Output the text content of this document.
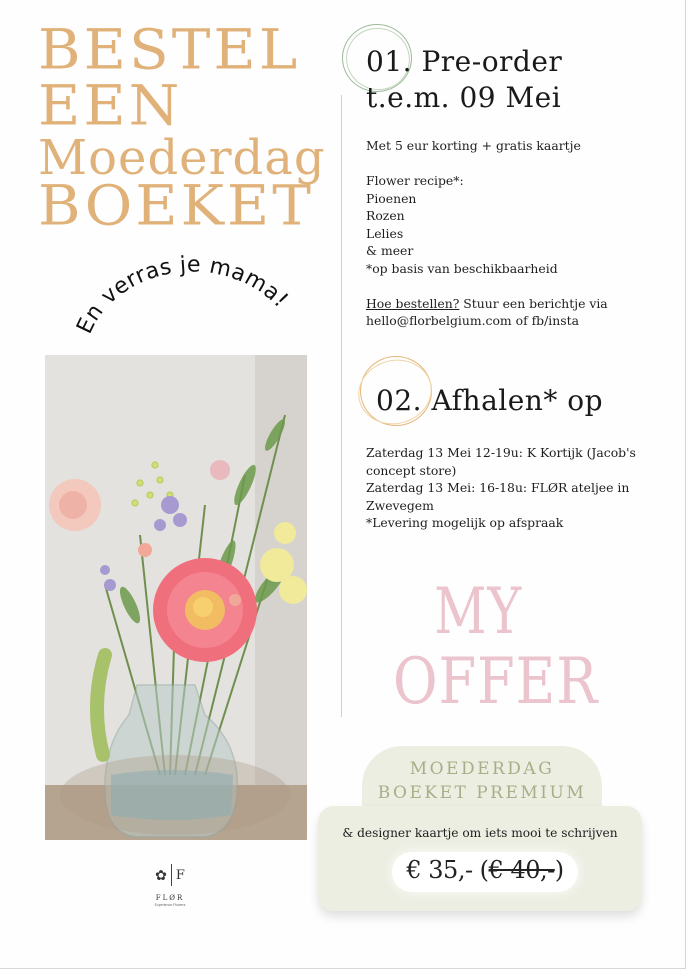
BESTEL
EEN
Moederdag
BOEKET
En verras je mama!
✿ F
FLØR
Experience Flowers
01. Pre-order
t.e.m. 09 Mei
Met 5 eur korting + gratis kaartje
Flower recipe*:
Pioenen
Rozen
Lelies
& meer
*op basis van beschikbaarheid
Hoe bestellen? Stuur een berichtje via
hello@florbelgium.com of fb/insta
02. Afhalen* op
Zaterdag 13 Mei 12-19u: K Kortijk (Jacob's
concept store)
Zaterdag 13 Mei: 16-18u: FLØR ateljee in
Zwevegem
*Levering mogelijk op afspraak
MY
OFFER
MOEDERDAG
BOEKET PREMIUM
& designer kaartje om iets mooi te schrijven
€ 35,- (€ 40,-)
